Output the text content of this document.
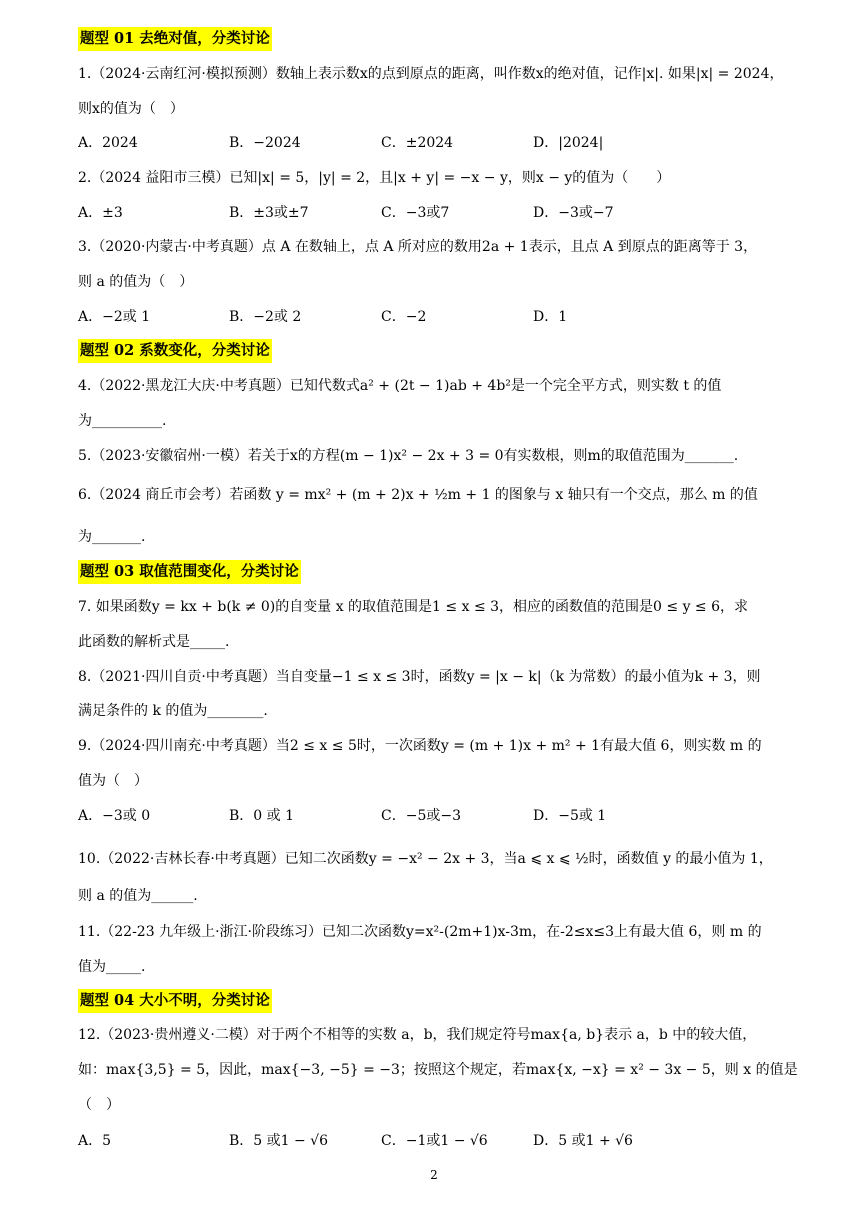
题型 01 去绝对值，分类讨论
1.（2024·云南红河·模拟预测）数轴上表示数x的点到原点的距离，叫作数x的绝对值，记作|x|. 如果|x| = 2024，
则x的值为（　）
A．2024	B．−2024	C．±2024	D．|2024|
2.（2024 益阳市三模）已知|x| = 5，|y| = 2，且|x + y| = −x − y，则x − y的值为（　　）
A．±3	B．±3或±7	C．−3或7	D．−3或−7
3.（2020·内蒙古·中考真题）点 A 在数轴上，点 A 所对应的数用2a + 1表示，且点 A 到原点的距离等于 3，
则 a 的值为（　）
A．−2或 1	B．−2或 2	C．−2	D．1
题型 02 系数变化，分类讨论
4.（2022·黑龙江大庆·中考真题）已知代数式a² + (2t − 1)ab + 4b²是一个完全平方式，则实数 t 的值
为__________.
5.（2023·安徽宿州·一模）若关于x的方程(m − 1)x² − 2x + 3 = 0有实数根，则m的取值范围为_______.
6.（2024 商丘市会考）若函数 y = mx² + (m + 2)x + ½m + 1 的图象与 x 轴只有一个交点，那么 m 的值
为_______.
题型 03 取值范围变化，分类讨论
7. 如果函数y = kx + b(k ≠ 0)的自变量 x 的取值范围是1 ≤ x ≤ 3，相应的函数值的范围是0 ≤ y ≤ 6，求
此函数的解析式是_____.
8.（2021·四川自贡·中考真题）当自变量−1 ≤ x ≤ 3时，函数y = |x − k|（k 为常数）的最小值为k + 3，则
满足条件的 k 的值为________.
9.（2024·四川南充·中考真题）当2 ≤ x ≤ 5时，一次函数y = (m + 1)x + m² + 1有最大值 6，则实数 m 的
值为（　）
A．−3或 0	B．0 或 1	C．−5或−3	D．−5或 1
10.（2022·吉林长春·中考真题）已知二次函数y = −x² − 2x + 3，当a ⩽ x ⩽ ½时，函数值 y 的最小值为 1，
则 a 的值为______.
11.（22-23 九年级上·浙江·阶段练习）已知二次函数y=x²-(2m+1)x-3m，在-2≤x≤3上有最大值 6，则 m 的
值为_____.
题型 04 大小不明，分类讨论
12.（2023·贵州遵义·二模）对于两个不相等的实数 a，b，我们规定符号max{a, b}表示 a，b 中的较大值，
如：max{3,5} = 5，因此，max{−3, −5} = −3；按照这个规定，若max{x, −x} = x² − 3x − 5，则 x 的值是
（　）
A．5	B．5 或1 − √6	C．−1或1 − √6	D．5 或1 + √6
2
